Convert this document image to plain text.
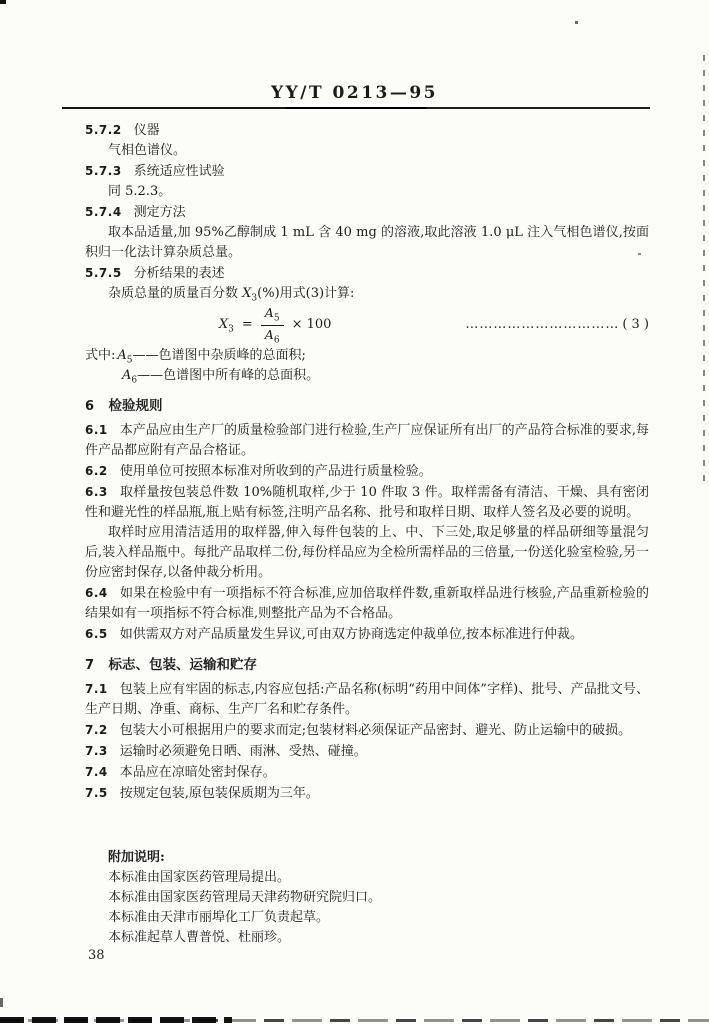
YY/T 0213—95

5.7.2 仪器

气相色谱仪。

5.7.3 系统适应性试验

同 5.2.3。

5.7.4 测定方法

取本品适量,加 95%乙醇制成 1 mL 含 40 mg 的溶液,取此溶液 1.0 μL 注入气相色谱仪,按面积归一化法计算杂质总量。

5.7.5 分析结果的表述

杂质总量的质量百分数 $X_3(\%)$用式(3)计算:

$X_3 = \frac{A_5}{A_6} \times 100$	…………………………… ( 3 )

式中: $A_5——$色谱图中杂质峰的总面积;

$A_6——$色谱图中所有峰的总面积。

6 检验规则

6.1 本产品应由生产厂的质量检验部门进行检验,生产厂应保证所有出厂的产品符合标准的要求,每件产品都应附有产品合格证。

6.2 使用单位可按照本标准对所收到的产品进行质量检验。

6.3 取样量按包装总件数 10%随机取样,少于 10 件取 3 件。取样需备有清洁、干燥、具有密闭性和避光性的样品瓶,瓶上贴有标签,注明产品名称、批号和取样日期、取样人签名及必要的说明。

取样时应用清洁适用的取样器,伸入每件包装的上、中、下三处,取足够量的样品研细等量混匀后,装入样品瓶中。每批产品取样二份,每份样品应为全检所需样品的三倍量,一份送化验室检验,另一份应密封保存,以备仲裁分析用。

6.4 如果在检验中有一项指标不符合标准,应加倍取样件数,重新取样品进行核验,产品重新检验的结果如有一项指标不符合标准,则整批产品为不合格品。

6.5 如供需双方对产品质量发生异议,可由双方协商选定仲裁单位,按本标准进行仲裁。

7 标志、包装、运输和贮存

7.1 包装上应有牢固的标志,内容应包括:产品名称(标明“药用中间体”字样)、批号、产品批文号、生产日期、净重、商标、生产厂名和贮存条件。

7.2 包装大小可根据用户的要求而定;包装材料必须保证产品密封、避光、防止运输中的破损。

7.3 运输时必须避免日晒、雨淋、受热、碰撞。

7.4 本品应在凉暗处密封保存。

7.5 按规定包装,原包装保质期为三年。

附加说明:

本标准由国家医药管理局提出。

本标准由国家医药管理局天津药物研究院归口。

本标准由天津市丽埠化工厂负责起草。

本标准起草人曹普悦、杜丽珍。

38
